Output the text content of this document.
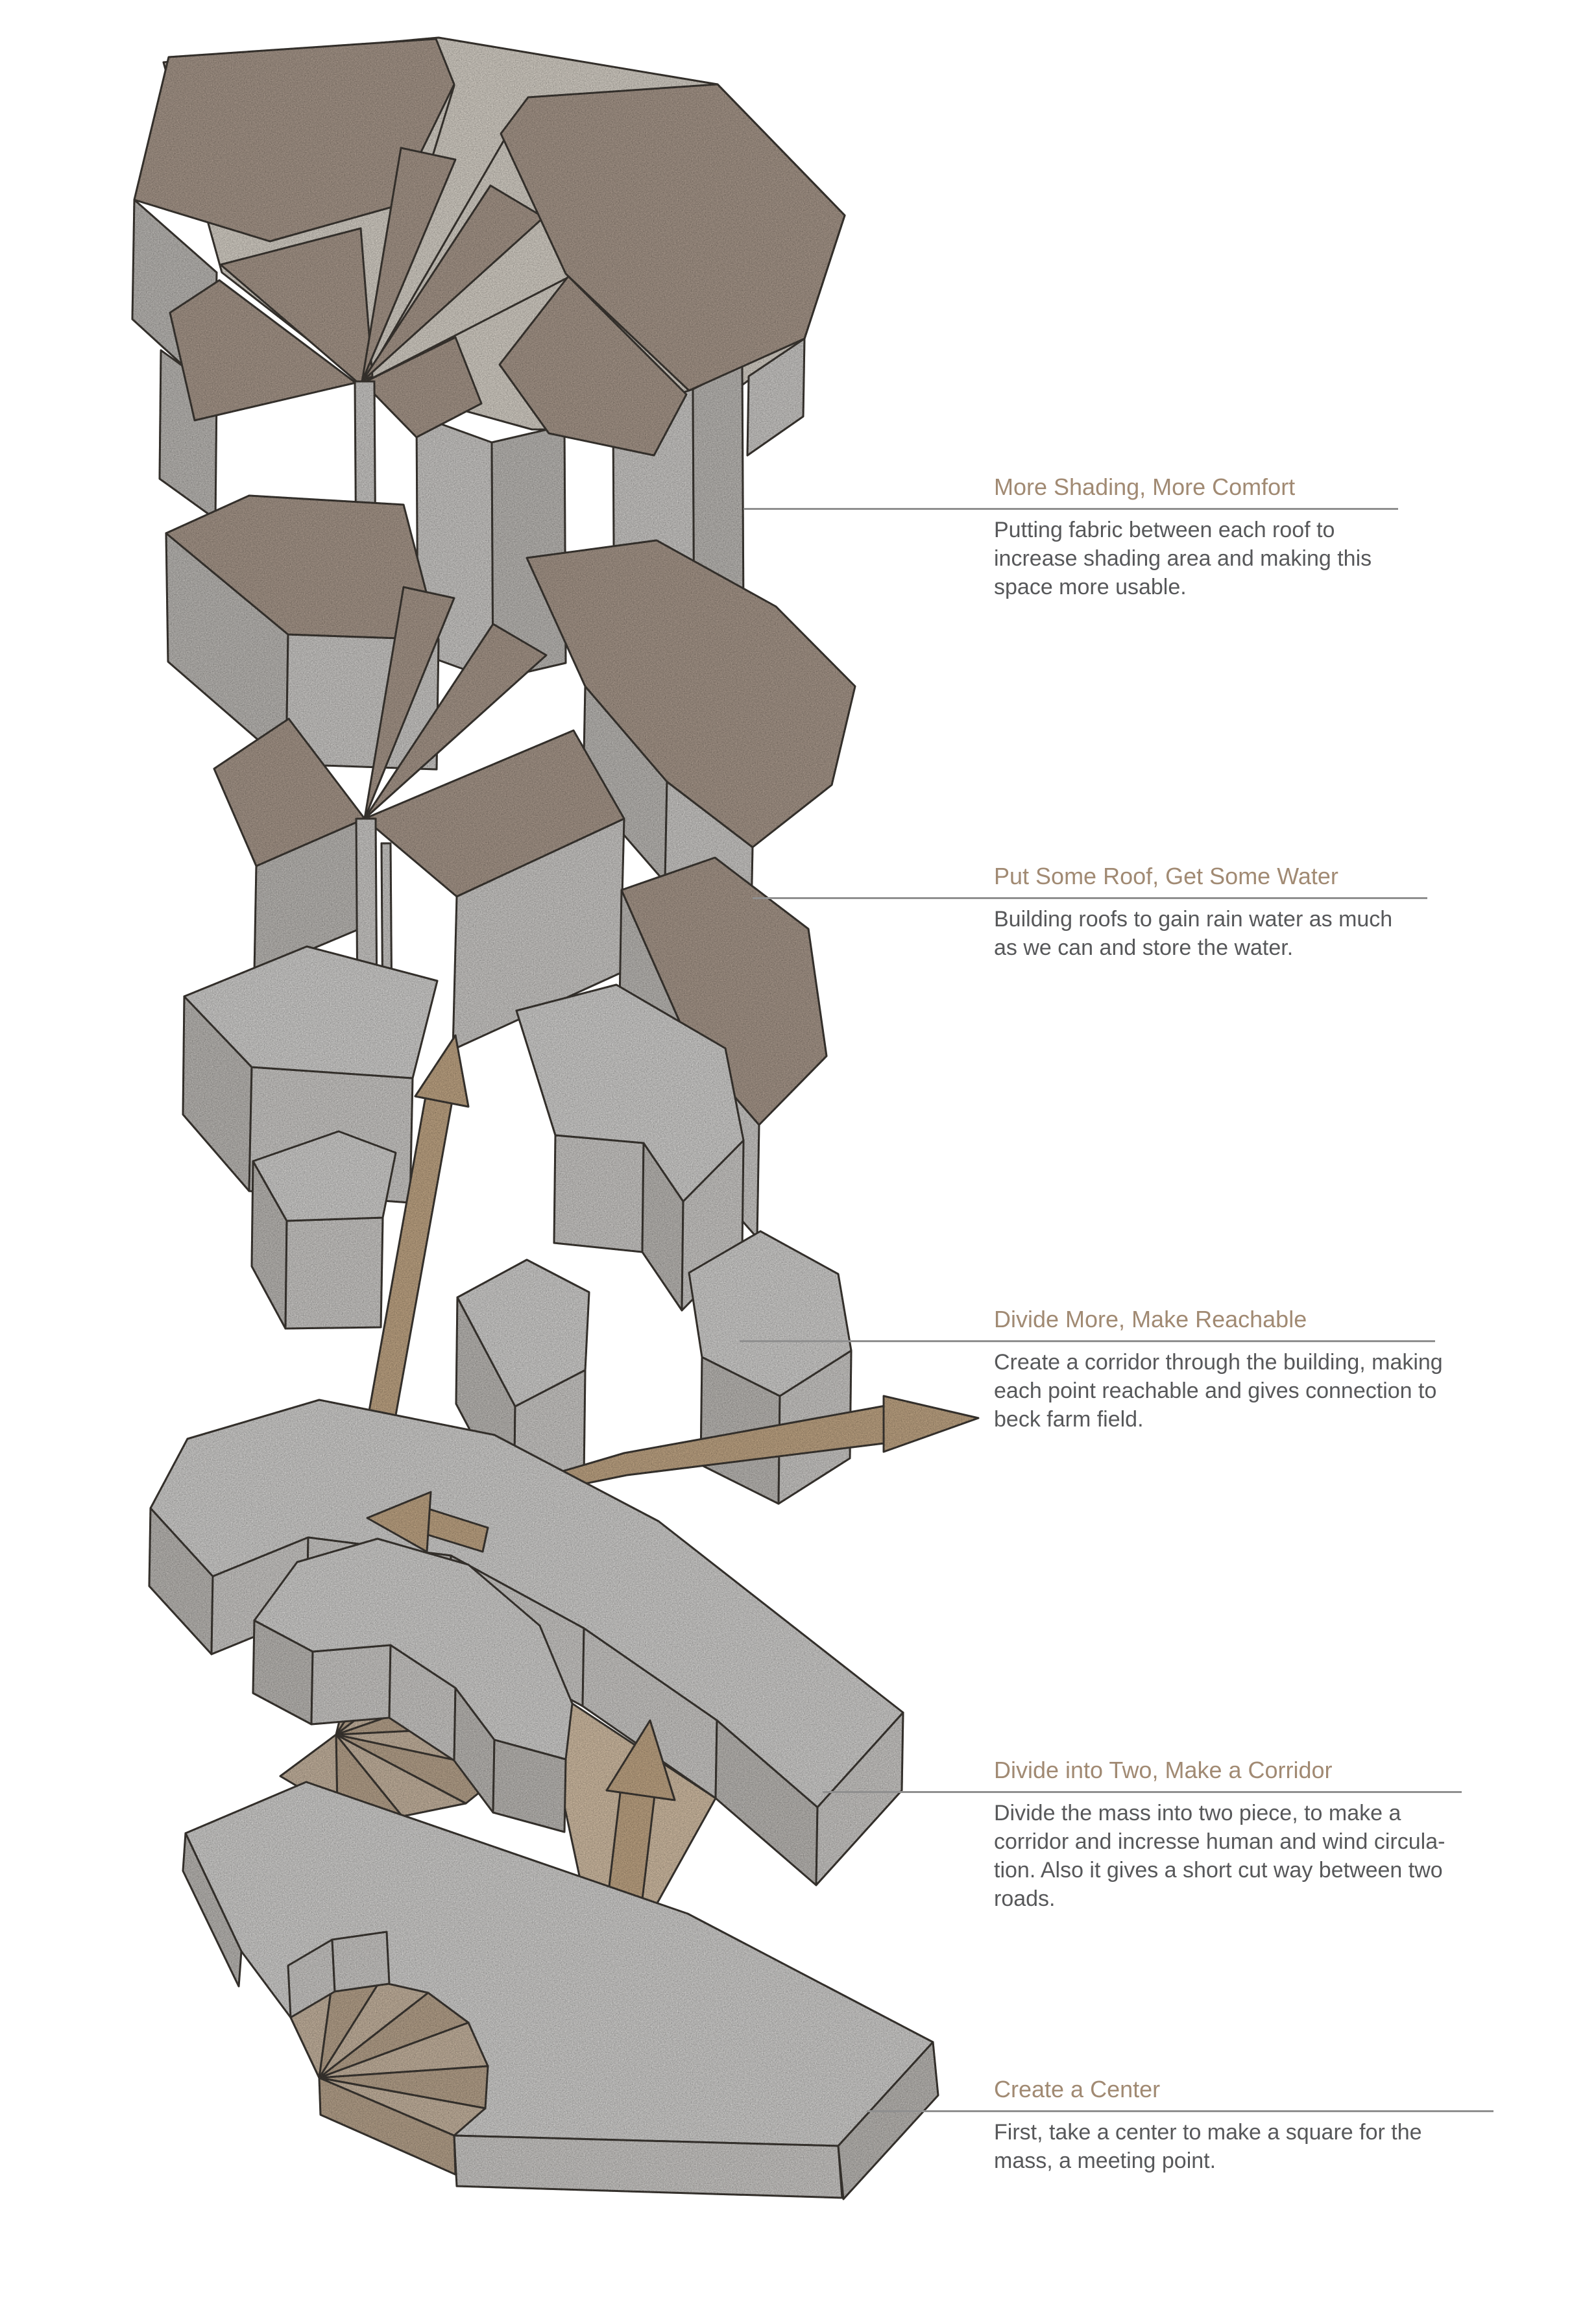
More Shading, More Comfort
Putting fabric between each roof to
increase shading area and making this
space more usable.
Put Some Roof, Get Some Water
Building roofs to gain rain water as much
as we can and store the water.
Divide More, Make Reachable
Create a corridor through the building, making
each point reachable and gives connection to
beck farm field.
Divide into Two, Make a Corridor
Divide the mass into two piece, to make a
corridor and incresse human and wind circula-
tion. Also it gives a short cut way between two
roads.
Create a Center
First, take a center to make a square for the
mass, a meeting point.
